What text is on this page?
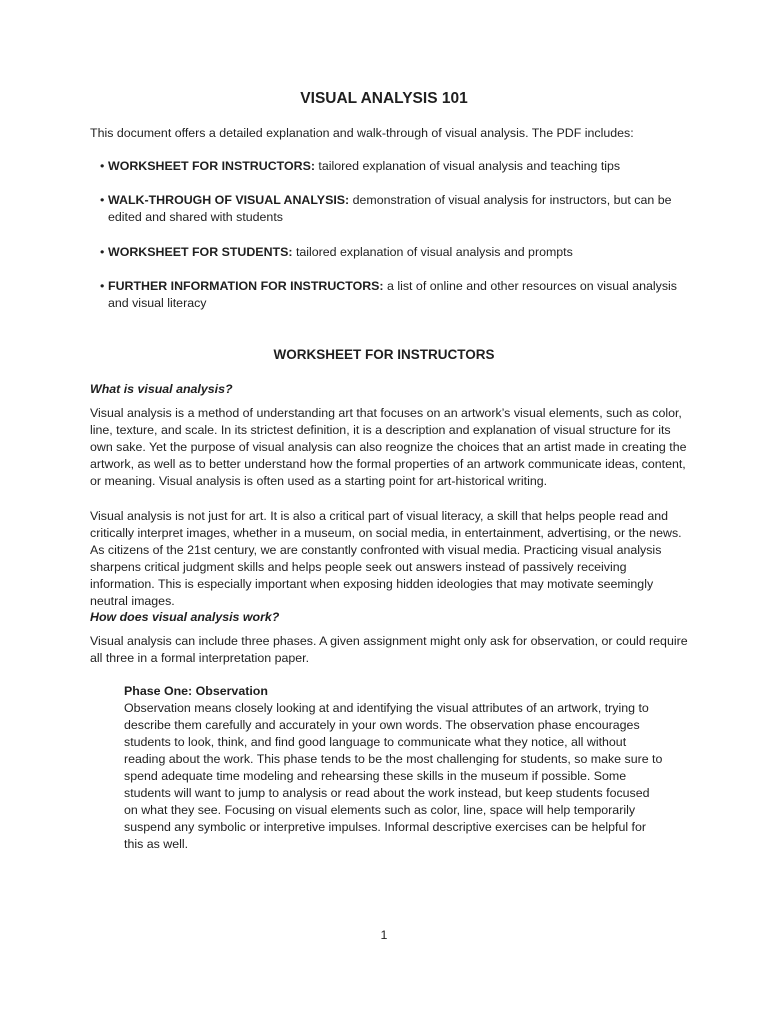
VISUAL ANALYSIS 101
This document offers a detailed explanation and walk-through of visual analysis. The PDF includes:
• WORKSHEET FOR INSTRUCTORS: tailored explanation of visual analysis and teaching tips
• WALK-THROUGH OF VISUAL ANALYSIS: demonstration of visual analysis for instructors, but can be edited and shared with students
• WORKSHEET FOR STUDENTS: tailored explanation of visual analysis and prompts
• FURTHER INFORMATION FOR INSTRUCTORS: a list of online and other resources on visual analysis and visual literacy
WORKSHEET FOR INSTRUCTORS
What is visual analysis?

Visual analysis is a method of understanding art that focuses on an artwork’s visual elements, such as color, line, texture, and scale. In its strictest definition, it is a description and explanation of visual structure for its own sake. Yet the purpose of visual analysis can also reognize the choices that an artist made in creating the artwork, as well as to better understand how the formal properties of an artwork communicate ideas, content, or meaning. Visual analysis is often used as a starting point for art-historical writing.

Visual analysis is not just for art. It is also a critical part of visual literacy, a skill that helps people read and critically interpret images, whether in a museum, on social media, in entertainment, advertising, or the news. As citizens of the 21st century, we are constantly confronted with visual media. Practicing visual analysis sharpens critical judgment skills and helps people seek out answers instead of passively receiving information. This is especially important when exposing hidden ideologies that may motivate seemingly neutral images.

How does visual analysis work?

Visual analysis can include three phases. A given assignment might only ask for observation, or could require all three in a formal interpretation paper.

Phase One: Observation
Observation means closely looking at and identifying the visual attributes of an artwork, trying to describe them carefully and accurately in your own words. The observation phase encourages students to look, think, and find good language to communicate what they notice, all without reading about the work. This phase tends to be the most challenging for students, so make sure to spend adequate time modeling and rehearsing these skills in the museum if possible. Some students will want to jump to analysis or read about the work instead, but keep students focused on what they see. Focusing on visual elements such as color, line, space will help temporarily suspend any symbolic or interpretive impulses. Informal descriptive exercises can be helpful for this as well.
1
